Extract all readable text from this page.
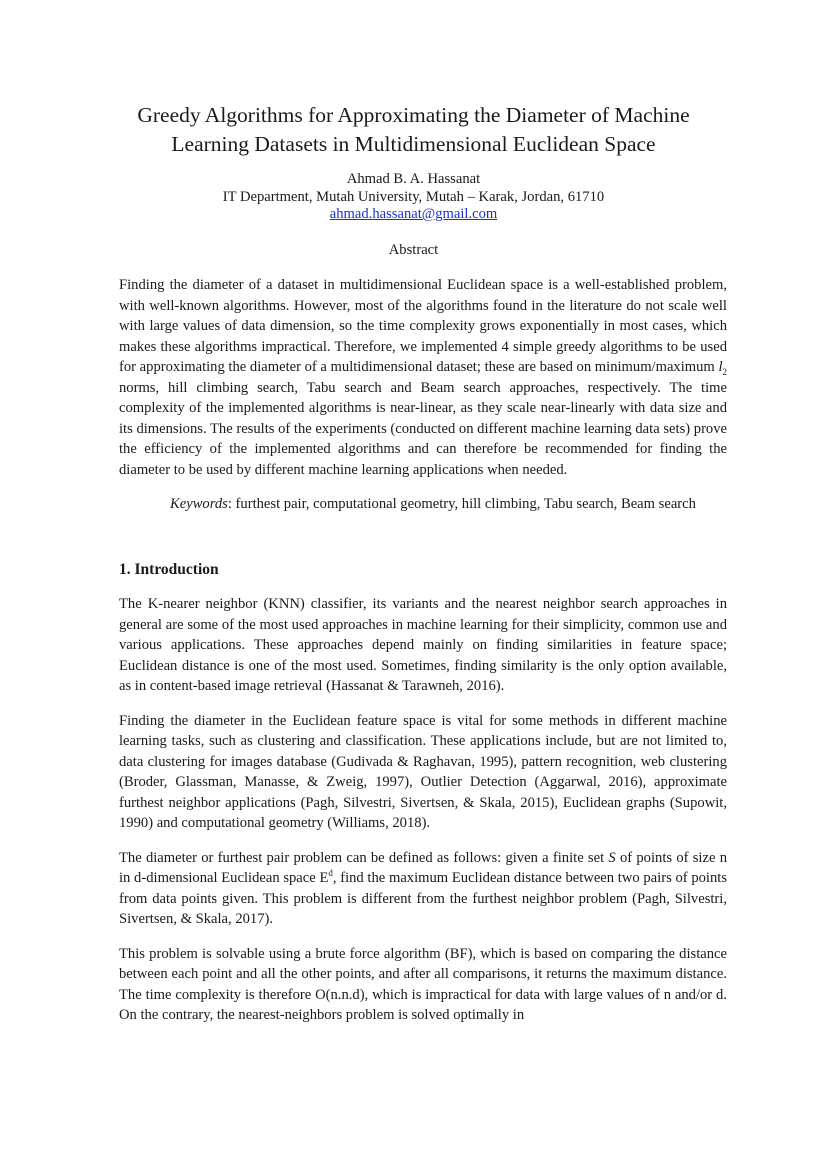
Greedy Algorithms for Approximating the Diameter of Machine
Learning Datasets in Multidimensional Euclidean Space
Ahmad B. A. Hassanat
IT Department, Mutah University, Mutah – Karak, Jordan, 61710
ahmad.hassanat@gmail.com
Abstract

Finding the diameter of a dataset in multidimensional Euclidean space is a well-established problem, with well-known algorithms. However, most of the algorithms found in the literature do not scale well with large values of data dimension, so the time complexity grows exponentially in most cases, which makes these algorithms impractical. Therefore, we implemented 4 simple greedy algorithms to be used for approximating the diameter of a multidimensional dataset; these are based on minimum/maximum $l_2$ norms, hill climbing search, Tabu search and Beam search approaches, respectively. The time complexity of the implemented algorithms is near-linear, as they scale near-linearly with data size and its dimensions. The results of the experiments (conducted on different machine learning data sets) prove the efficiency of the implemented algorithms and can therefore be recommended for finding the diameter to be used by different machine learning applications when needed.

Keywords: furthest pair, computational geometry, hill climbing, Tabu search, Beam search
1. Introduction

The K-nearer neighbor (KNN) classifier, its variants and the nearest neighbor search approaches in general are some of the most used approaches in machine learning for their simplicity, common use and various applications. These approaches depend mainly on finding similarities in feature space; Euclidean distance is one of the most used. Sometimes, finding similarity is the only option available, as in content-based image retrieval (Hassanat & Tarawneh, 2016).

Finding the diameter in the Euclidean feature space is vital for some methods in different machine learning tasks, such as clustering and classification. These applications include, but are not limited to, data clustering for images database (Gudivada & Raghavan, 1995), pattern recognition, web clustering (Broder, Glassman, Manasse, & Zweig, 1997), Outlier Detection (Aggarwal, 2016), approximate furthest neighbor applications (Pagh, Silvestri, Sivertsen, & Skala, 2015), Euclidean graphs (Supowit, 1990) and computational geometry (Williams, 2018).

The diameter or furthest pair problem can be defined as follows: given a finite set S of points of size n in d-dimensional Euclidean space $E^d$, find the maximum Euclidean distance between two pairs of points from data points given. This problem is different from the furthest neighbor problem (Pagh, Silvestri, Sivertsen, & Skala, 2017).

This problem is solvable using a brute force algorithm (BF), which is based on comparing the distance between each point and all the other points, and after all comparisons, it returns the maximum distance. The time complexity is therefore O(n.n.d), which is impractical for data with large values of n and/or d. On the contrary, the nearest-neighbors problem is solved optimally in
